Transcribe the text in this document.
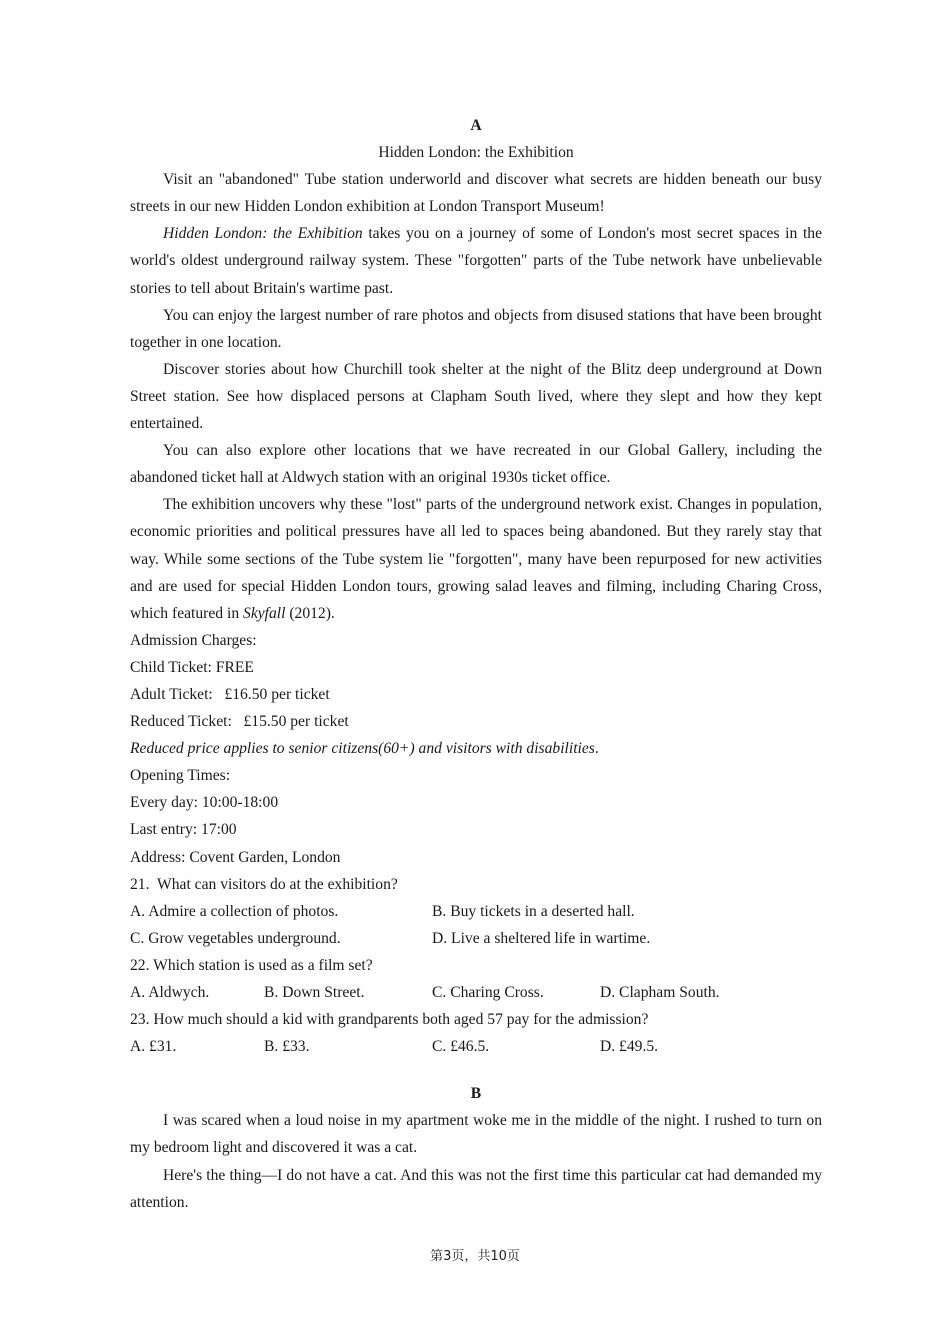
A
Hidden London: the Exhibition
Visit an "abandoned" Tube station underworld and discover what secrets are hidden beneath our busy streets in our new Hidden London exhibition at London Transport Museum!
Hidden London: the Exhibition takes you on a journey of some of London's most secret spaces in the world's oldest underground railway system. These "forgotten" parts of the Tube network have unbelievable stories to tell about Britain's wartime past.
You can enjoy the largest number of rare photos and objects from disused stations that have been brought together in one location.
Discover stories about how Churchill took shelter at the night of the Blitz deep underground at Down Street station. See how displaced persons at Clapham South lived, where they slept and how they kept entertained.
You can also explore other locations that we have recreated in our Global Gallery, including the abandoned ticket hall at Aldwych station with an original 1930s ticket office.
The exhibition uncovers why these "lost" parts of the underground network exist. Changes in population, economic priorities and political pressures have all led to spaces being abandoned. But they rarely stay that way. While some sections of the Tube system lie "forgotten", many have been repurposed for new activities and are used for special Hidden London tours, growing salad leaves and filming, including Charing Cross, which featured in Skyfall (2012).
Admission Charges:
Child Ticket: FREE
Adult Ticket:   £16.50 per ticket
Reduced Ticket:   £15.50 per ticket
Reduced price applies to senior citizens(60+) and visitors with disabilities.
Opening Times:
Every day: 10:00-18:00
Last entry: 17:00
Address: Covent Garden, London
21.  What can visitors do at the exhibition?
A. Admire a collection of photos.	B. Buy tickets in a deserted hall.
C. Grow vegetables underground.	D. Live a sheltered life in wartime.
22. Which station is used as a film set?
A. Aldwych.	B. Down Street.	C. Charing Cross.	D. Clapham South.
23. How much should a kid with grandparents both aged 57 pay for the admission?
A. £31.	B. £33.	C. £46.5.	D. £49.5.
B
I was scared when a loud noise in my apartment woke me in the middle of the night. I rushed to turn on my bedroom light and discovered it was a cat.
Here's the thing—I do not have a cat. And this was not the first time this particular cat had demanded my attention.
第3页，共10页
